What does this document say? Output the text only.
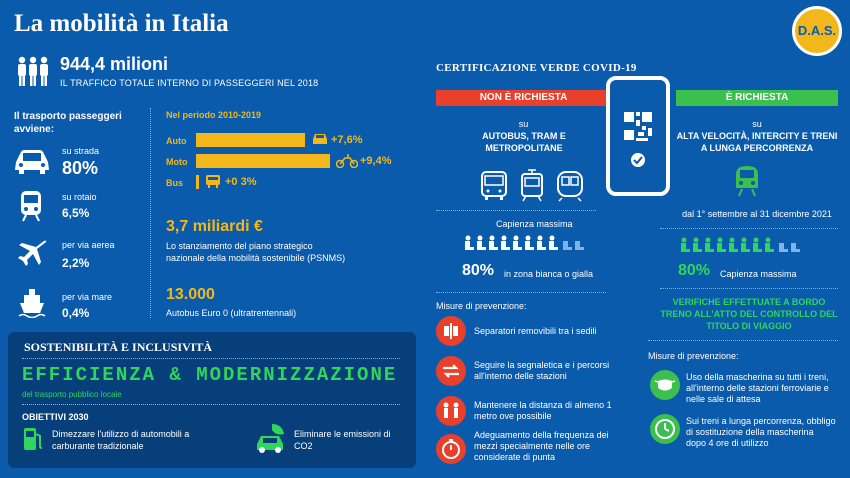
La mobilità in Italia	D.A.S.
944,4 milioni
IL TRAFFICO TOTALE INTERNO DI PASSEGGERI NEL 2018
Il trasporto passeggeri avviene:
su strada
80%
su rotaio
6,5%
per via aerea
2,2%
per via mare
0,4%
Nel periodo 2010-2019
Auto	+7,6%
Moto	+9,4%
Bus	+0 3%
3,7 miliardi €
Lo stanziamento del piano strategico nazionale della mobilità sostenibile (PSNMS)
13.000
Autobus Euro 0 (ultratrentennali)
SOSTENIBILITÀ E INCLUSIVITÀ
EFFICIENZA & MODERNIZZAZIONE
del trasporto pubblico locale
OBIETTIVI 2030
Dimezzare l'utilizzo di automobili a carburante tradizionale
Eliminare le emissioni di CO2
CERTIFICAZIONE VERDE COVID-19
NON È RICHIESTA	È RICHIESTA
su
AUTOBUS, TRAM E METROPOLITANE
Capienza massima
80% in zona bianca o gialla
Misure di prevenzione:
Separatori removibili tra i sedili
Seguire la segnaletica e i percorsi all'interno delle stazioni
Mantenere la distanza di almeno 1 metro ove possibile
Adeguamento della frequenza dei mezzi specialmente nelle ore considerate di punta
su
ALTA VELOCITÀ, INTERCITY E TRENI A LUNGA PERCORRENZA
dal 1° settembre al 31 dicembre 2021
80% Capienza massima
VERIFICHE EFFETTUATE A BORDO TRENO ALL'ATTO DEL CONTROLLO DEL TITOLO DI VIAGGIO
Misure di prevenzione:
Uso della mascherina su tutti i treni, all'interno delle stazioni ferroviarie e nelle sale di attesa
Sui treni a lunga percorrenza, obbligo di sostituzione della mascherina dopo 4 ore di utilizzo
